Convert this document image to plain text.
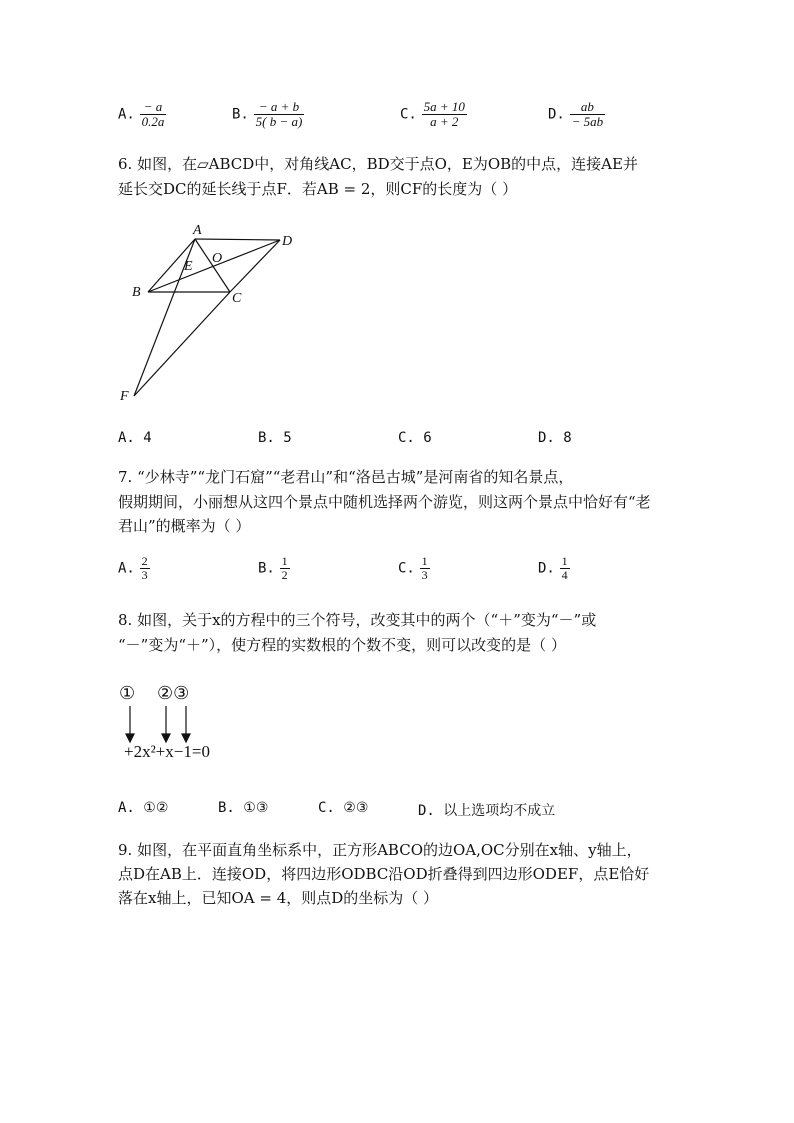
A. $\frac{- a}{0.2a}$	B. $\frac{- a + b}{5( b - a)}$	C. $\frac{5a + 10}{a + 2}$	D. $\frac{ab}{- 5ab}$
6. 如图，在▱ABCD中，对角线AC，BD交于点O，E为OB的中点，连接AE并
延长交DC的延长线于点F．若AB = 2，则CF的长度为（ ）
A
D
E
O
B	C
F
A. 4	B. 5	C. 6	D. 8
7. “少林寺”“龙门石窟”“老君山”和“洛邑古城”是河南省的知名景点，
假期期间，小丽想从这四个景点中随机选择两个游览，则这两个景点中恰好有“老
君山”的概率为（ ）
A. $\frac{2}{3}$	B. $\frac{1}{2}$	C. $\frac{1}{3}$	D. $\frac{1}{4}$
8. 如图，关于x的方程中的三个符号，改变其中的两个（“＋”变为“－”或
“－”变为“＋”），使方程的实数根的个数不变，则可以改变的是（ ）
① ②③
+2x²+x−1=0
A. ①②	B. ①③	C. ②③	D. 以上选项均不成立
9. 如图，在平面直角坐标系中，正方形ABCO的边OA,OC分别在x轴、y轴上，
点D在AB上．连接OD，将四边形ODBC沿OD折叠得到四边形ODEF，点E恰好
落在x轴上，已知OA = 4，则点D的坐标为（ ）
